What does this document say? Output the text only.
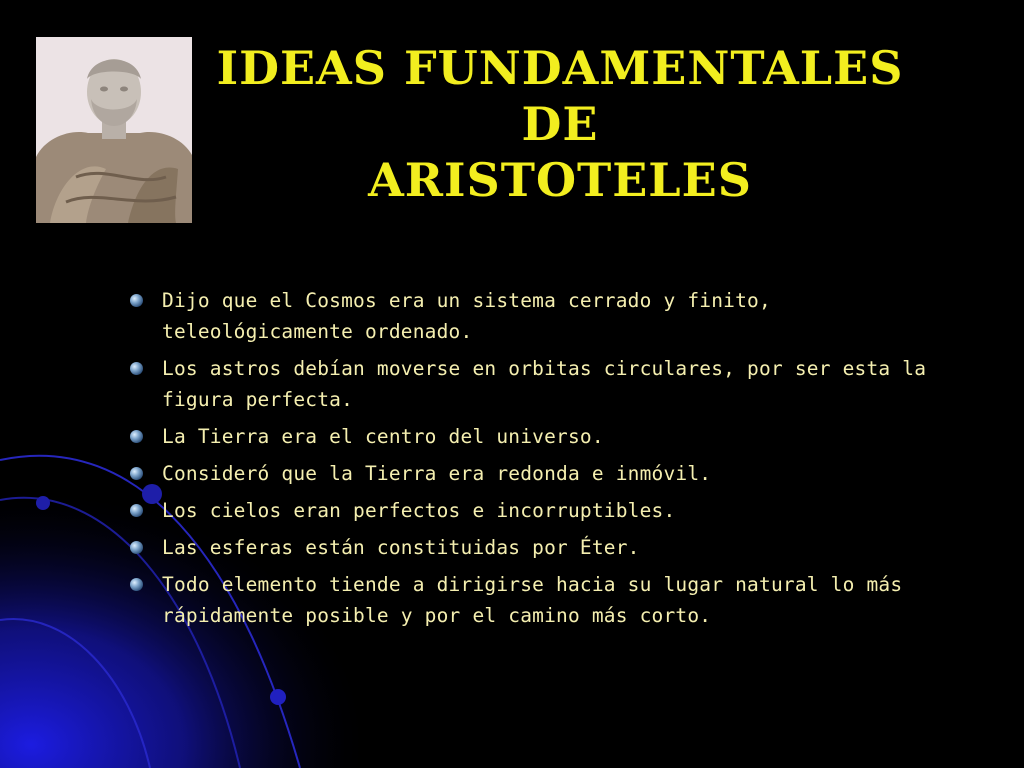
IDEAS FUNDAMENTALES DE
ARISTOTELES
Dijo que el Cosmos era un sistema cerrado y finito, teleológicamente ordenado.
Los astros debían moverse en orbitas circulares, por ser esta la figura perfecta.
La Tierra era el centro del universo.
Consideró que la Tierra era redonda e inmóvil.
Los cielos eran perfectos e incorruptibles.
Las esferas están constituidas por Éter.
Todo elemento tiende a dirigirse hacia su lugar natural lo más rápidamente posible y por el camino más corto.
